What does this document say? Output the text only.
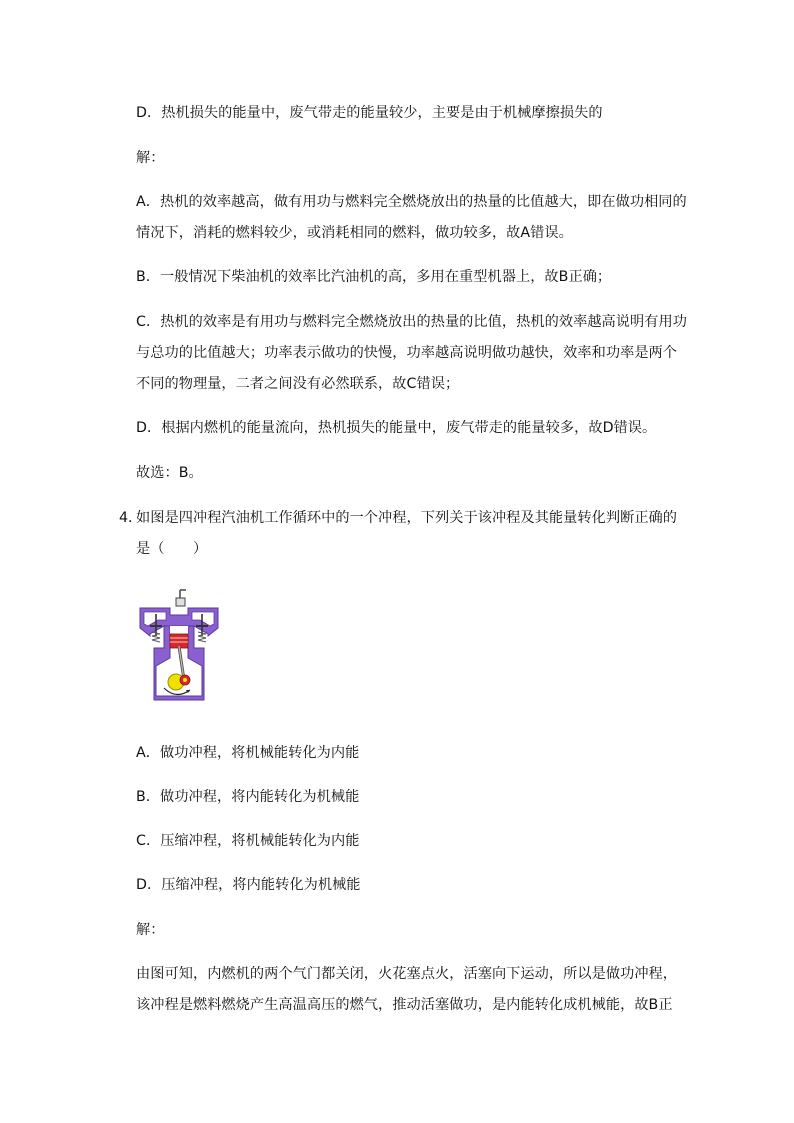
D．热机损失的能量中，废气带走的能量较少，主要是由于机械摩擦损失的
解：
A．热机的效率越高，做有用功与燃料完全燃烧放出的热量的比值越大，即在做功相同的
情况下，消耗的燃料较少，或消耗相同的燃料，做功较多，故A错误。
B．一般情况下柴油机的效率比汽油机的高，多用在重型机器上，故B正确；
C．热机的效率是有用功与燃料完全燃烧放出的热量的比值，热机的效率越高说明有用功
与总功的比值越大；功率表示做功的快慢，功率越高说明做功越快，效率和功率是两个
不同的物理量，二者之间没有必然联系，故C错误；
D．根据内燃机的能量流向，热机损失的能量中，废气带走的能量较多，故D错误。
故选：B。
4．
如图是四冲程汽油机工作循环中的一个冲程，下列关于该冲程及其能量转化判断正确的
是（　　）
A．做功冲程，将机械能转化为内能
B．做功冲程，将内能转化为机械能
C．压缩冲程，将机械能转化为内能
D．压缩冲程，将内能转化为机械能
解：
由图可知，内燃机的两个气门都关闭，火花塞点火，活塞向下运动，所以是做功冲程，
该冲程是燃料燃烧产生高温高压的燃气，推动活塞做功，是内能转化成机械能，故B正
